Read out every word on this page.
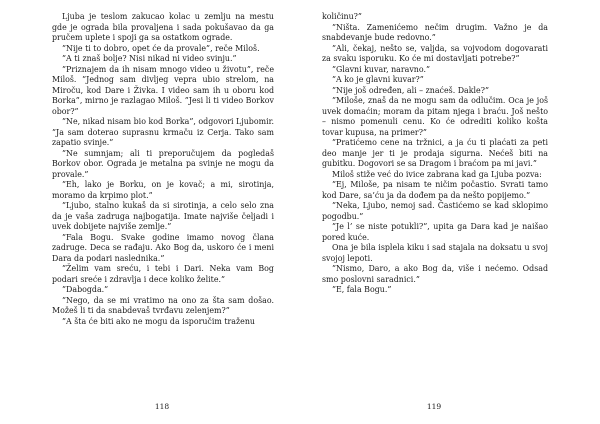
Ljuba je teslom zakucao kolac u zemlju na mestu gde je ograda bila provaljena i sada pokušavao da ga pručem uplete i spoji ga sa ostatkom ograde.

”Nije ti to dobro, opet će da provale”, reče Miloš.

”A ti znaš bolje? Nisi nikad ni video svinju.”

”Priznajem da ih nisam mnogo video u životu”, reče Miloš. ”Jednog sam divljeg vepra ubio strelom, na Miroču, kod Dare i Živka. I video sam ih u oboru kod Borka”, mirno je razlagao Miloš. ”Jesi li ti video Borkov obor?”

”Ne, nikad nisam bio kod Borka”, odgovori Ljubomir. ”Ja sam doterao suprasnu krmaču iz Cerja. Tako sam zapatio svinje.”

”Ne sumnjam; ali ti preporučujem da pogledaš Borkov obor. Ograda je metalna pa svinje ne mogu da provale.”

”Eh, lako je Borku, on je kovač; a mi, sirotinja, moramo da krpimo plot.”

”Ljubo, stalno kukaš da si sirotinja, a celo selo zna da je vaša zadruga najbogatija. Imate najviše čeljadi i uvek dobijete najviše zemlje.”

”Fala Bogu. Svake godine imamo novog člana zadruge. Deca se rađaju. Ako Bog da, uskoro će i meni Dara da podari naslednika.”

”Želim vam sreću, i tebi i Dari. Neka vam Bog podari sreće i zdravlja i dece koliko želite.”

”Dabogda.”

”Nego, da se mi vratimo na ono za šta sam došao. Možeš li ti da snabdevaš tvrđavu zelenjem?”

”A šta će biti ako ne mogu da isporučim traženu

118

količinu?”

”Ništa. Zamenićemo nečim drugim. Važno je da snabdevanje bude redovno.”

”Ali, čekaj, nešto se, valjda, sa vojvodom dogovarati za svaku isporuku. Ko će mi dostavljati potrebe?”

”Glavni kuvar, naravno.”

”A ko je glavni kuvar?”

”Nije još određen, ali – znaćeš. Dakle?”

”Miloše, znaš da ne mogu sam da odlučim. Oca je još uvek domaćin; moram da pitam njega i braću. Još nešto – nismo pomenuli cenu. Ko će odrediti koliko košta tovar kupusa, na primer?”

”Pratićemo cene na tržnici, a ja ću ti plaćati za peti deo manje jer ti je prodaja sigurna. Nećeš biti na gubitku. Dogovori se sa Dragom i braćom pa mi javi.”

Miloš stiže već do ivice zabrana kad ga Ljuba pozva:

”Ej, Miloše, pa nisam te ničim počastio. Svrati tamo kod Dare, sa’ću ja da dođem pa da nešto popijemo.”

”Neka, Ljubo, nemoj sad. Častićemo se kad sklopimo pogodbu.”

”Je l’ se niste potukli?”, upita ga Dara kad je naišao pored kuće.

Ona je bila isplela kiku i sad stajala na doksatu u svoj svojoj lepoti.

”Nismo, Daro, a ako Bog da, više i nećemo. Odsad smo poslovni saradnici.”

”E, fala Bogu.”

119
